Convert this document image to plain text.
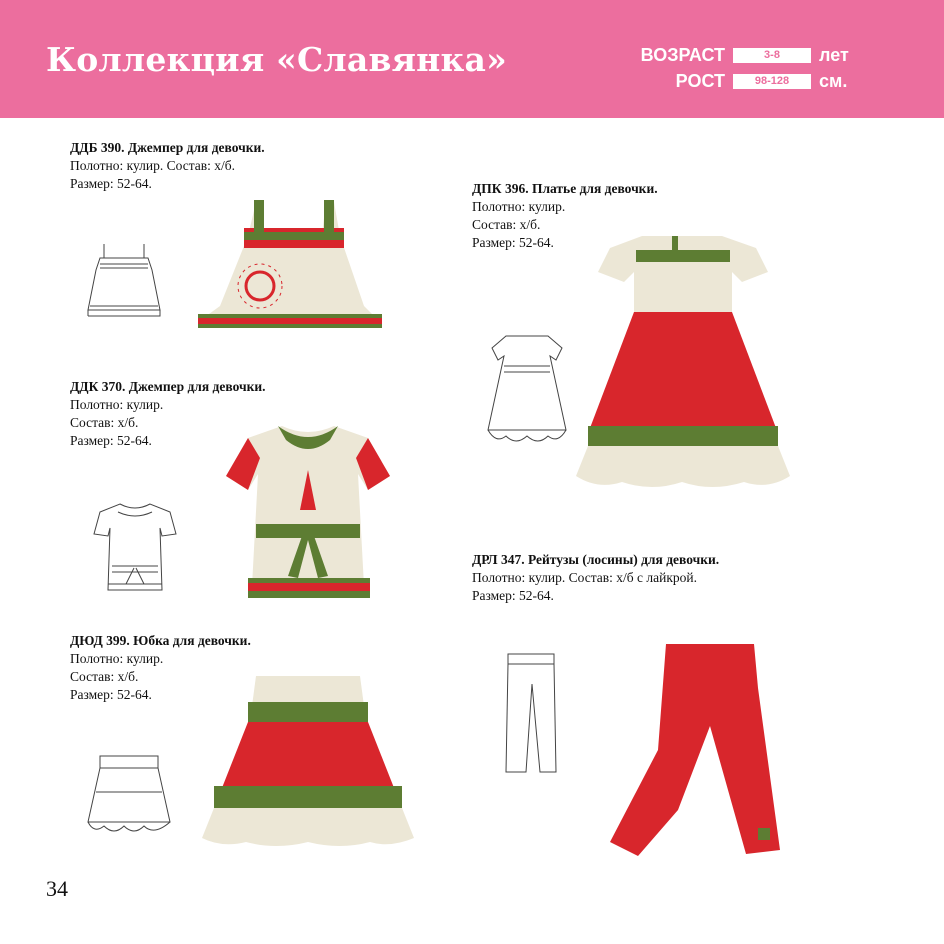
Коллекция «Славянка»	ВОЗРАСТ	3-8	лет
РОСТ	98-128	см.
ДДБ 390. Джемпер для девочки.
Полотно: кулир. Состав: х/б.
Размер: 52-64.
ДДК 370. Джемпер для девочки.
Полотно: кулир.
Состав: х/б.
Размер: 52-64.
ДЮД 399. Юбка для девочки.
Полотно: кулир.
Состав: х/б.
Размер: 52-64.
ДПК 396. Платье для девочки.
Полотно: кулир.
Состав: х/б.
Размер: 52-64.
ДРЛ 347. Рейтузы (лосины) для девочки.
Полотно: кулир. Состав: х/б с лайкрой.
Размер: 52-64.
34
